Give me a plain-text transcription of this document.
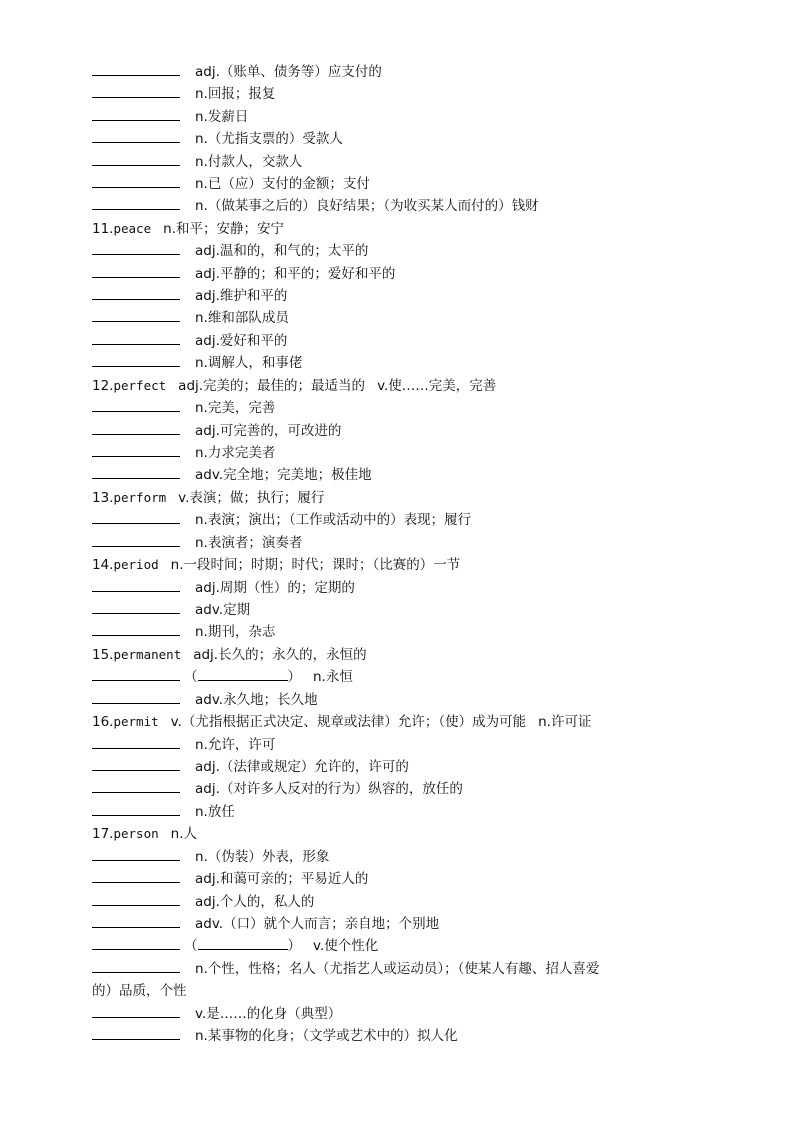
adj.（账单、债务等）应支付的
n.回报；报复
n.发薪日
n.（尤指支票的）受款人
n.付款人，交款人
n.已（应）支付的金额；支付
n.（做某事之后的）良好结果；（为收买某人而付的）钱财
11.peace n.和平；安静；安宁
adj.温和的，和气的；太平的
adj.平静的；和平的；爱好和平的
adj.维护和平的
n.维和部队成员
adj.爱好和平的
n.调解人，和事佬
12.perfect adj.完美的；最佳的；最适当的 v.使……完美，完善
n.完美，完善
adj.可完善的，可改进的
n.力求完美者
adv.完全地；完美地；极佳地
13.perform v.表演；做；执行；履行
n.表演；演出；（工作或活动中的）表现；履行
n.表演者；演奏者
14.period n.一段时间；时期；时代；课时；（比赛的）一节
adj.周期（性）的；定期的
adv.定期
n.期刊，杂志
15.permanent adj.长久的；永久的，永恒的
（	） n.永恒
adv.永久地；长久地
16.permit v.（尤指根据正式决定、规章或法律）允许；（使）成为可能 n.许可证
n.允许，许可
adj.（法律或规定）允许的，许可的
adj.（对许多人反对的行为）纵容的，放任的
n.放任
17.person n.人
n.（伪装）外表，形象
adj.和蔼可亲的；平易近人的
adj.个人的，私人的
adv.（口）就个人而言；亲自地；个别地
（	） v.使个性化
n.个性，性格；名人（尤指艺人或运动员）；（使某人有趣、招人喜爱
的）品质，个性
v.是……的化身（典型）
n.某事物的化身；（文学或艺术中的）拟人化
